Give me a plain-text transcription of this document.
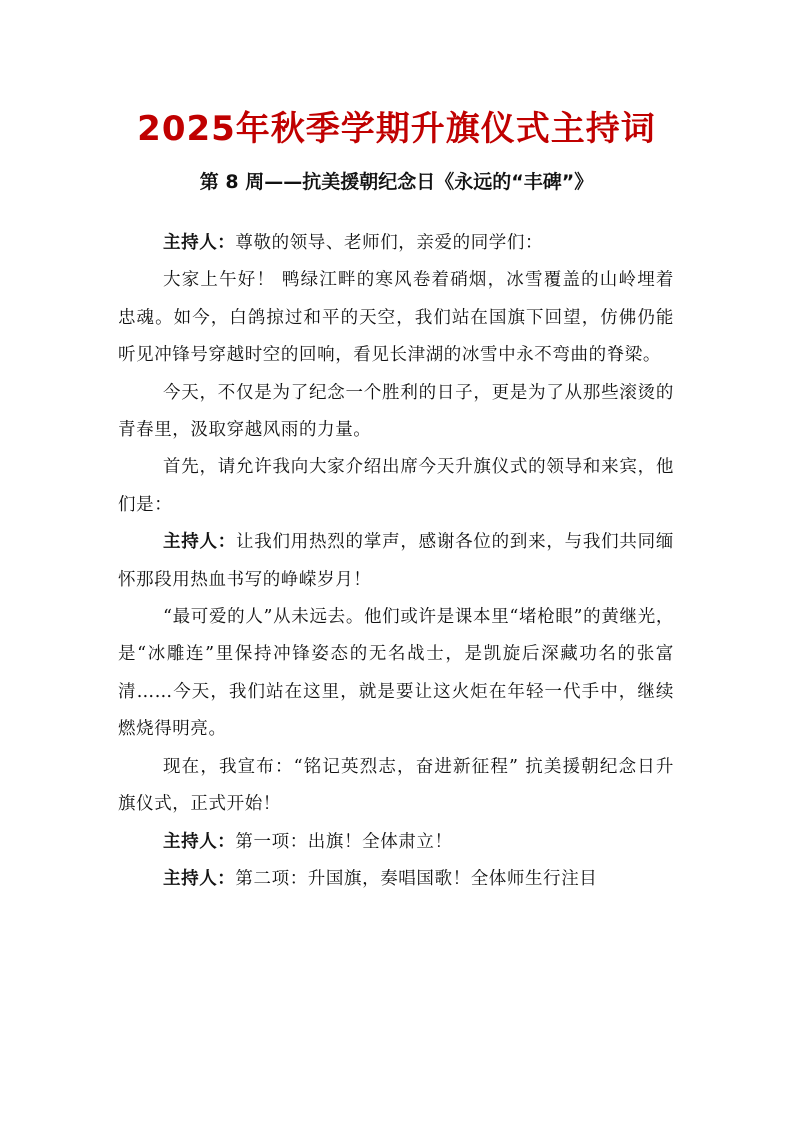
2025年秋季学期升旗仪式主持词
第 8 周——抗美援朝纪念日《永远的“丰碑”》

主持人：尊敬的领导、老师们，亲爱的同学们：

大家上午好！ 鸭绿江畔的寒风卷着硝烟，冰雪覆盖的山岭埋着忠魂。如今，白鸽掠过和平的天空，我们站在国旗下回望，仿佛仍能听见冲锋号穿越时空的回响，看见长津湖的冰雪中永不弯曲的脊梁。

今天，不仅是为了纪念一个胜利的日子，更是为了从那些滚烫的青春里，汲取穿越风雨的力量。

首先，请允许我向大家介绍出席今天升旗仪式的领导和来宾，他们是：

主持人：让我们用热烈的掌声，感谢各位的到来，与我们共同缅怀那段用热血书写的峥嵘岁月！

“最可爱的人”从未远去。他们或许是课本里“堵枪眼”的黄继光，是“冰雕连”里保持冲锋姿态的无名战士，是凯旋后深藏功名的张富清……今天，我们站在这里，就是要让这火炬在年轻一代手中，继续燃烧得明亮。

现在，我宣布：“铭记英烈志，奋进新征程” 抗美援朝纪念日升旗仪式，正式开始！

主持人：第一项：出旗！全体肃立！

主持人：第二项：升国旗，奏唱国歌！全体师生行注目
